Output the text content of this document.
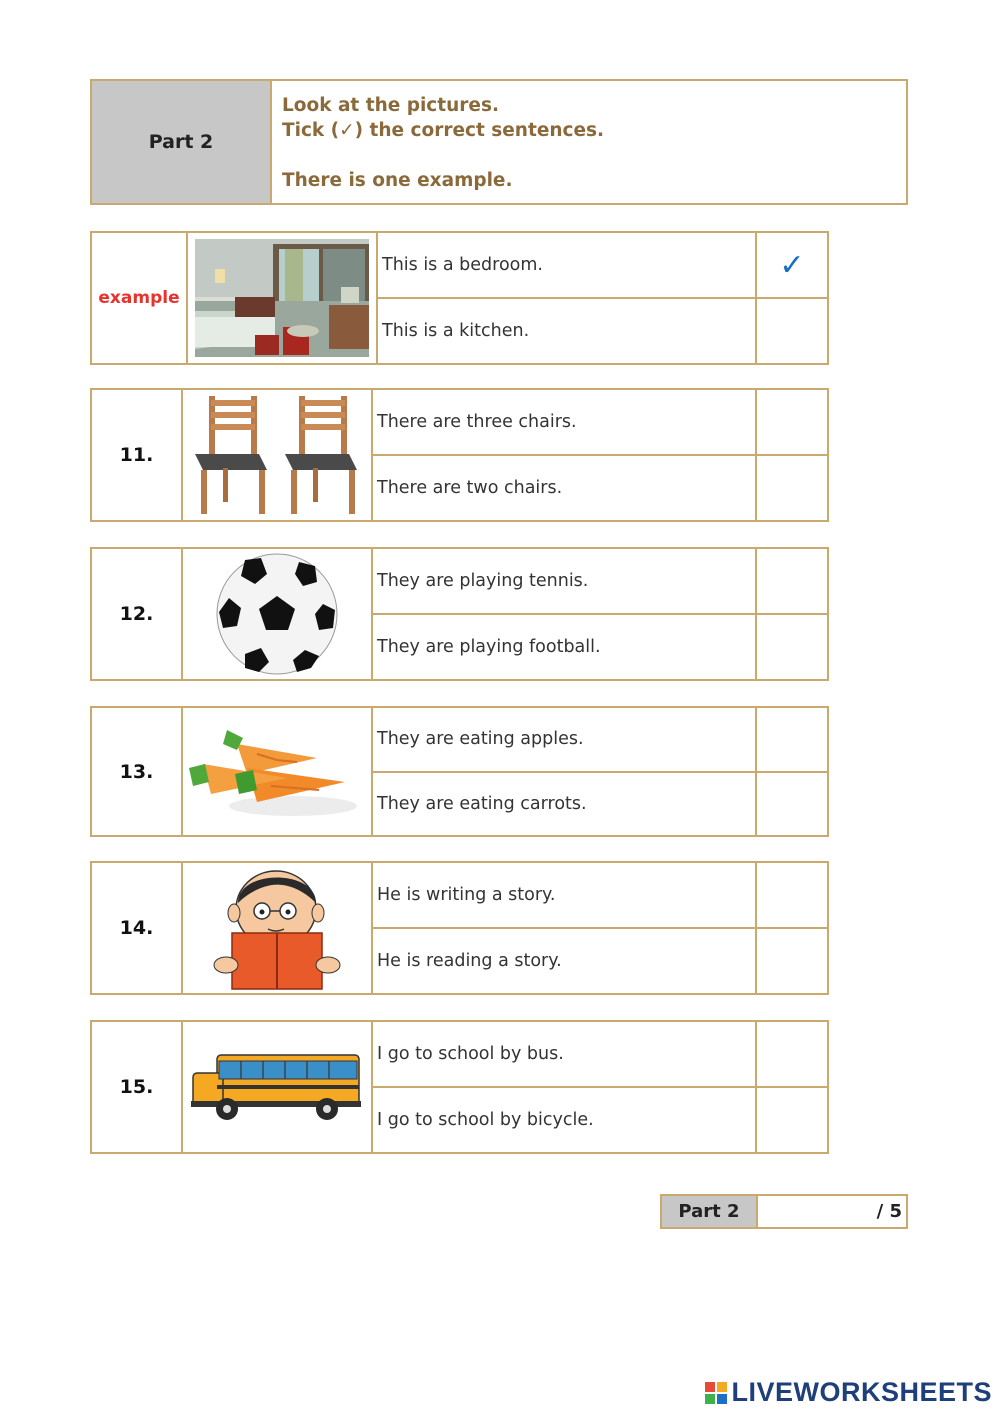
Part 2
Look at the pictures.
Tick (✓) the correct sentences.
There is one example.
example
This is a bedroom.
This is a kitchen.
✓
11.
There are three chairs.
There are two chairs.
12.
They are playing tennis.
They are playing football.
13.
They are eating apples.
They are eating carrots.
14.
He is writing a story.
He is reading a story.
15.
I go to school by bus.
I go to school by bicycle.
Part 2	/ 5
LIVEWORKSHEETS
